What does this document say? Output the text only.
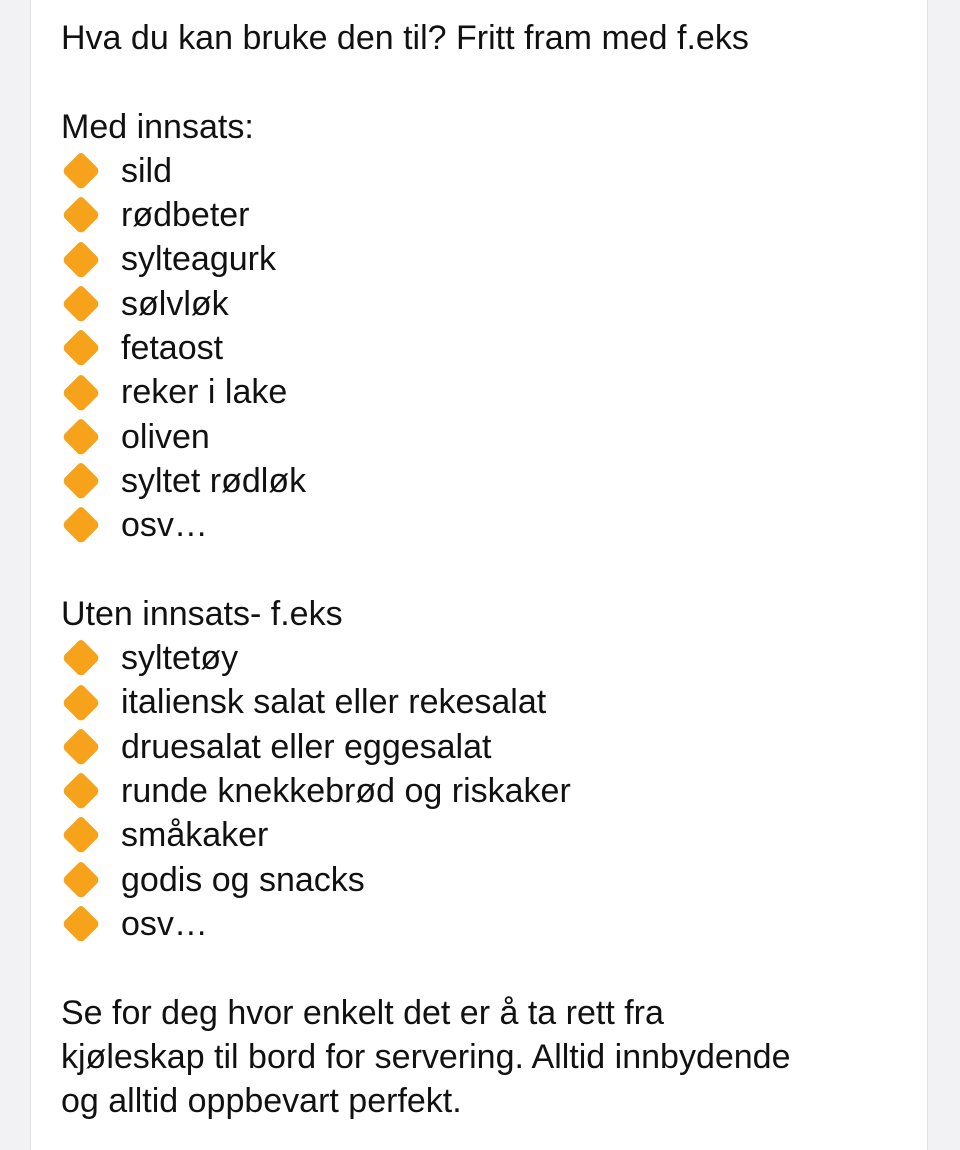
Hva du kan bruke den til? Fritt fram med f.eks
Med innsats:
sild
rødbeter
sylteagurk
sølvløk
fetaost
reker i lake
oliven
syltet rødløk
osv…
Uten innsats- f.eks
syltetøy
italiensk salat eller rekesalat
druesalat eller eggesalat
runde knekkebrød og riskaker
småkaker
godis og snacks
osv…
Se for deg hvor enkelt det er å ta rett fra
kjøleskap til bord for servering. Alltid innbydende
og alltid oppbevart perfekt.
